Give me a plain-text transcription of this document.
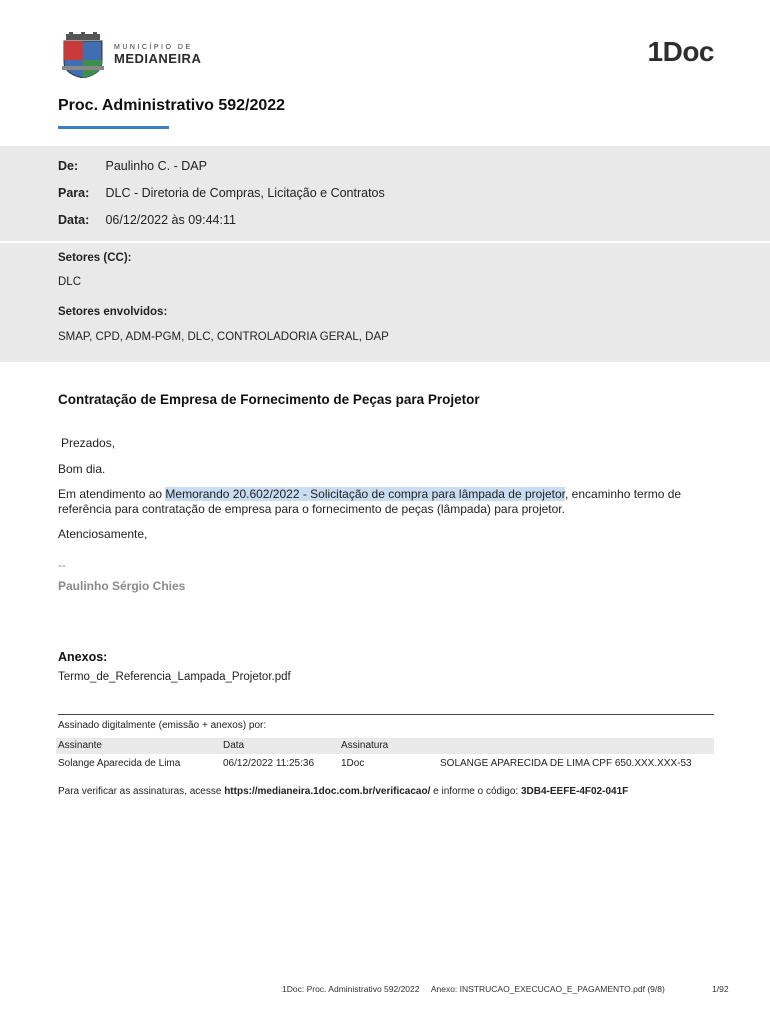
MUNICÍPIO DE
MEDIANEIRA	1Doc
Proc. Administrativo 592/2022
De: Paulinho C. - DAP
Para: DLC - Diretoria de Compras, Licitação e Contratos
Data: 06/12/2022 às 09:44:11
Setores (CC):
DLC
Setores envolvidos:
SMAP, CPD, ADM-PGM, DLC, CONTROLADORIA GERAL, DAP
Contratação de Empresa de Fornecimento de Peças para Projetor
Prezados,
Bom dia.
Em atendimento ao Memorando 20.602/2022 - Solicitação de compra para lâmpada de projetor, encaminho termo de referência para contratação de empresa para o fornecimento de peças (lâmpada) para projetor.
Atenciosamente,
--
Paulinho Sérgio Chies
Anexos:
Termo_de_Referencia_Lampada_Projetor.pdf
Assinado digitalmente (emissão + anexos) por:
Assinante	Data	Assinatura
Solange Aparecida de Lima	06/12/2022 11:25:36	1Doc	SOLANGE APARECIDA DE LIMA CPF 650.XXX.XXX-53
Para verificar as assinaturas, acesse https://medianeira.1doc.com.br/verificacao/ e informe o código: 3DB4-EEFE-4F02-041F
1Doc: Proc. Administrativo 592/2022     Anexo: INSTRUCAO_EXECUCAO_E_PAGAMENTO.pdf (9/8)	1/92
